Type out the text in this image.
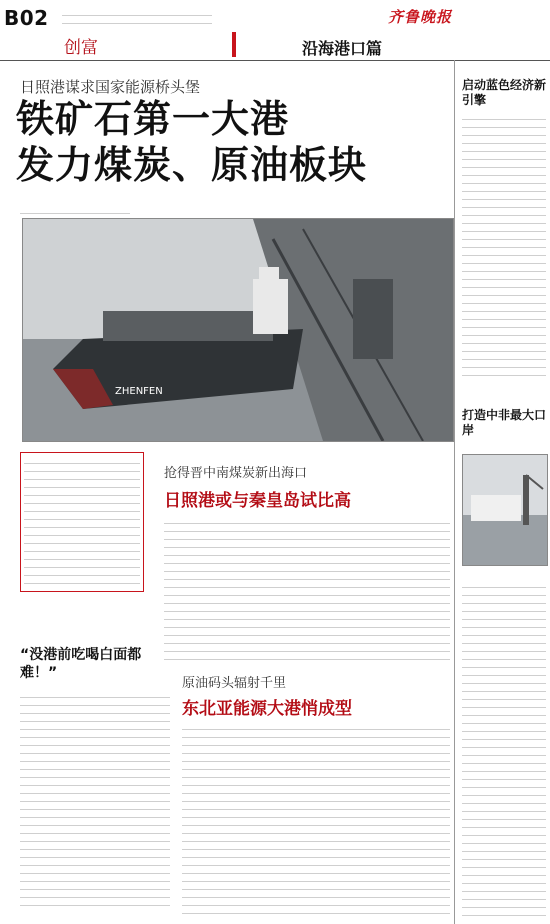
B02
创富
齐鲁晚报
沿海港口篇
日照港谋求国家能源桥头堡
铁矿石第一大港
发力煤炭、原油板块
ZHENFEN
“没港前吃喝白面都难！”
抢得晋中南煤炭新出海口
日照港或与秦皇岛试比高
原油码头辐射千里
东北亚能源大港悄成型
启动蓝色经济新引擎
打造中非最大口岸
